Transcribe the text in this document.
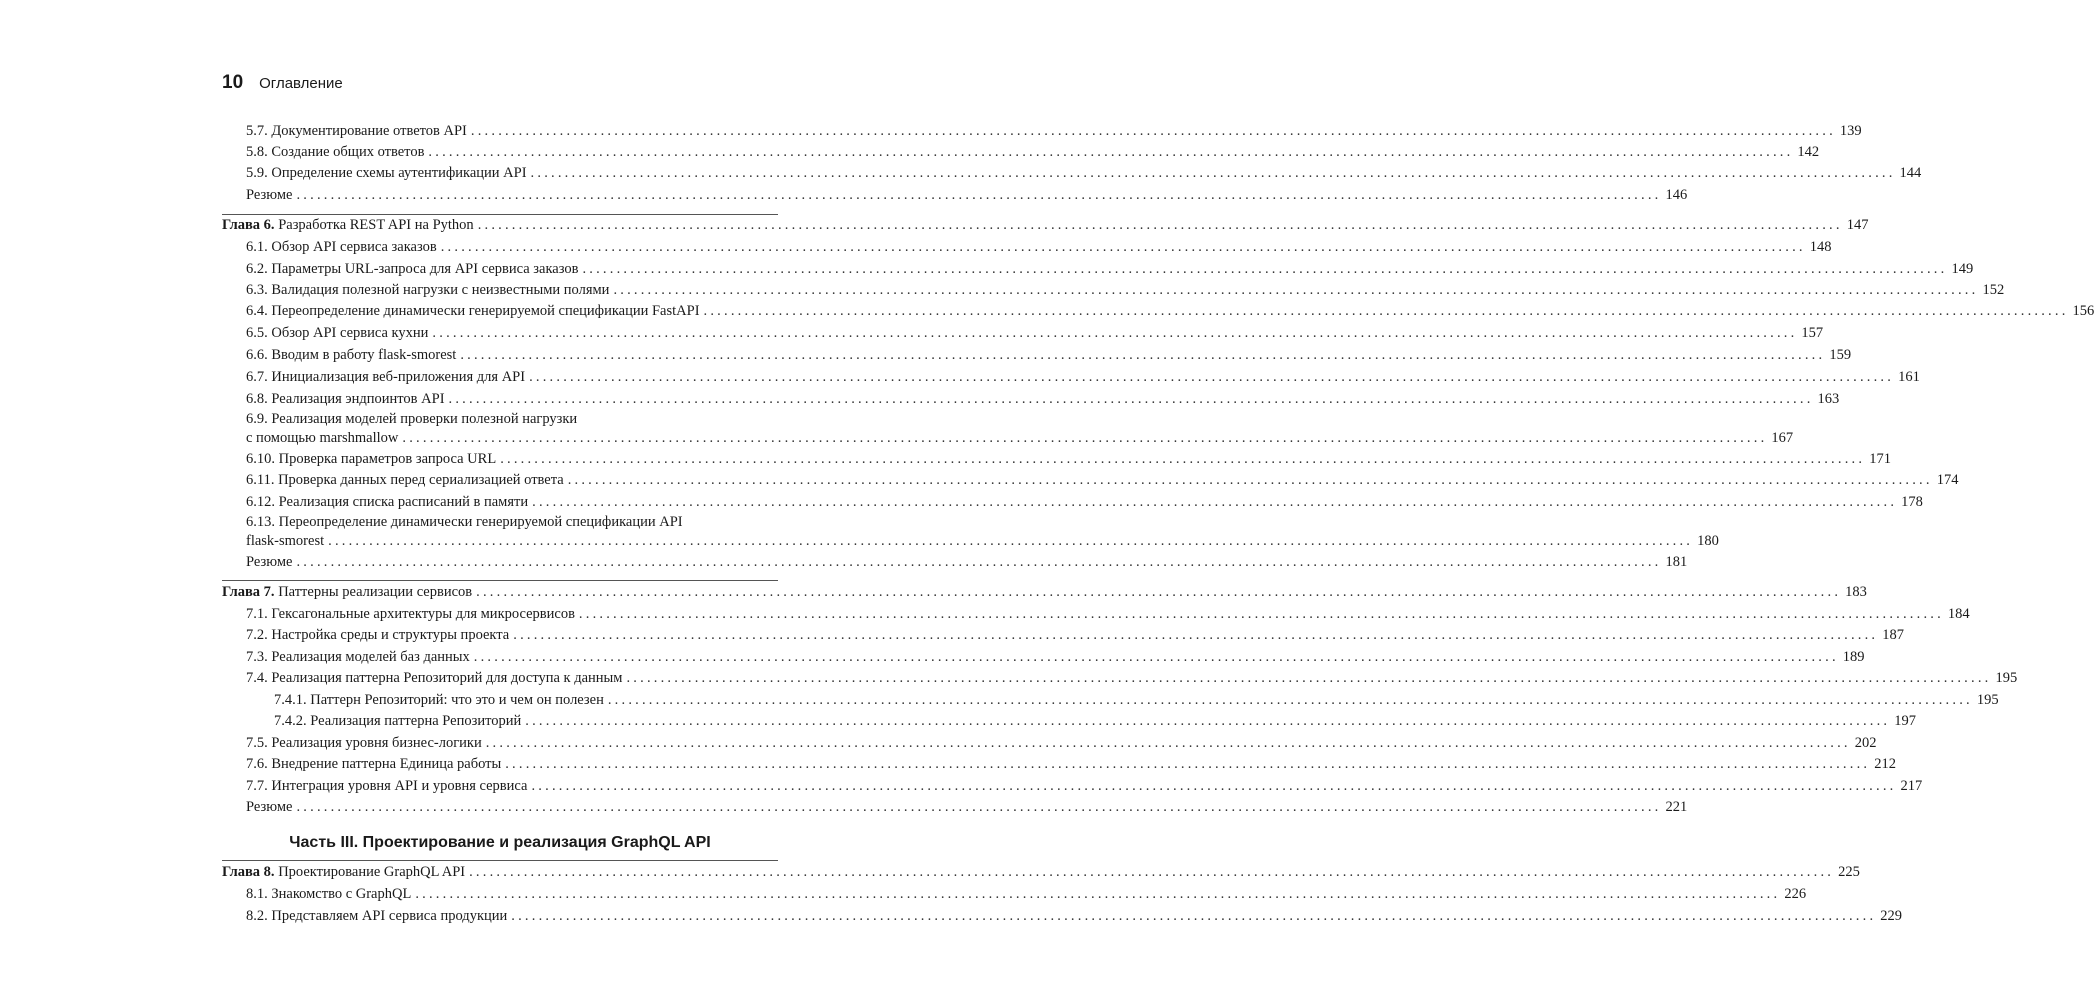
10 Оглавление
5.7. Документирование ответов API ........................................................................................................................................................................................................ 139
5.8. Создание общих ответов ........................................................................................................................................................................................................ 142
5.9. Определение схемы аутентификации API ........................................................................................................................................................................................................ 144
Резюме ........................................................................................................................................................................................................ 146
Глава 6. Разработка REST API на Python ........................................................................................................................................................................................................ 147
6.1. Обзор API сервиса заказов ........................................................................................................................................................................................................ 148
6.2. Параметры URL-запроса для API сервиса заказов ........................................................................................................................................................................................................ 149
6.3. Валидация полезной нагрузки с неизвестными полями ........................................................................................................................................................................................................ 152
6.4. Переопределение динамически генерируемой спецификации FastAPI ........................................................................................................................................................................................................ 156
6.5. Обзор API сервиса кухни ........................................................................................................................................................................................................ 157
6.6. Вводим в работу flask-smorest ........................................................................................................................................................................................................ 159
6.7. Инициализация веб-приложения для API ........................................................................................................................................................................................................ 161
6.8. Реализация эндпоинтов API ........................................................................................................................................................................................................ 163
6.9. Реализация моделей проверки полезной нагрузки
с помощью marshmallow ........................................................................................................................................................................................................ 167
6.10. Проверка параметров запроса URL ........................................................................................................................................................................................................ 171
6.11. Проверка данных перед сериализацией ответа ........................................................................................................................................................................................................ 174
6.12. Реализация списка расписаний в памяти ........................................................................................................................................................................................................ 178
6.13. Переопределение динамически генерируемой спецификации API
flask-smorest ........................................................................................................................................................................................................ 180
Резюме ........................................................................................................................................................................................................ 181
Глава 7. Паттерны реализации сервисов ........................................................................................................................................................................................................ 183
7.1. Гексагональные архитектуры для микросервисов ........................................................................................................................................................................................................ 184
7.2. Настройка среды и структуры проекта ........................................................................................................................................................................................................ 187
7.3. Реализация моделей баз данных ........................................................................................................................................................................................................ 189
7.4. Реализация паттерна Репозиторий для доступа к данным ........................................................................................................................................................................................................ 195
7.4.1. Паттерн Репозиторий: что это и чем он полезен ........................................................................................................................................................................................................ 195
7.4.2. Реализация паттерна Репозиторий ........................................................................................................................................................................................................ 197
7.5. Реализация уровня бизнес-логики ........................................................................................................................................................................................................ 202
7.6. Внедрение паттерна Единица работы ........................................................................................................................................................................................................ 212
7.7. Интеграция уровня API и уровня сервиса ........................................................................................................................................................................................................ 217
Резюме ........................................................................................................................................................................................................ 221
Глава 8. Проектирование GraphQL API ........................................................................................................................................................................................................ 225
8.1. Знакомство с GraphQL ........................................................................................................................................................................................................ 226
8.2. Представляем API сервиса продукции ........................................................................................................................................................................................................ 229
Часть III. Проектирование и реализация GraphQL API
